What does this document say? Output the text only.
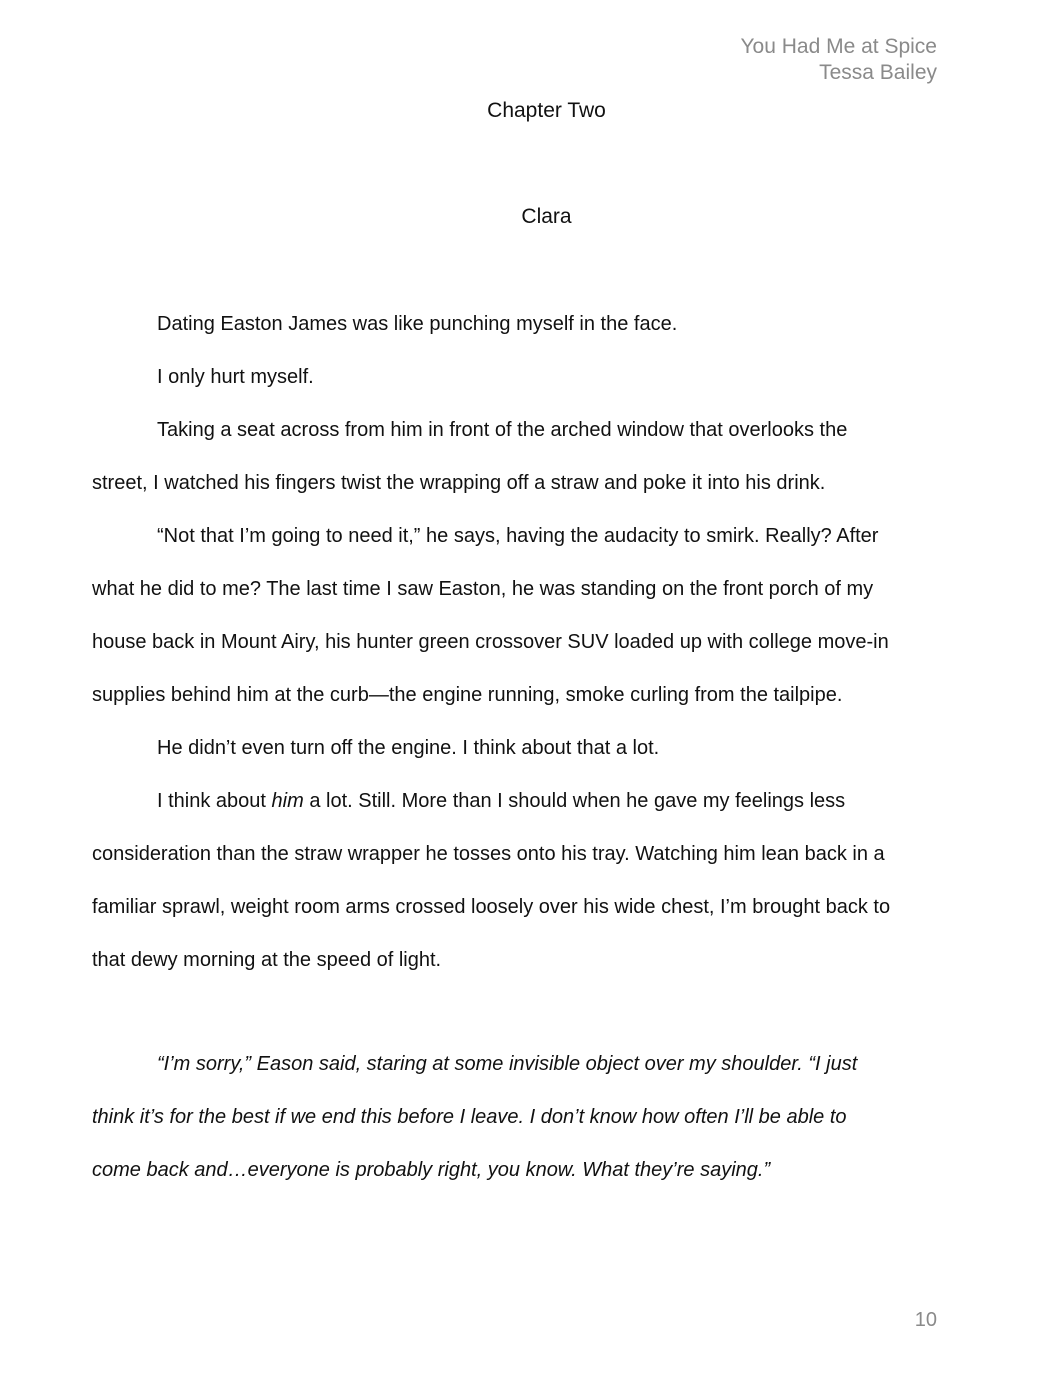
You Had Me at Spice
Tessa Bailey
Chapter Two
Clara
Dating Easton James was like punching myself in the face.
I only hurt myself.
Taking a seat across from him in front of the arched window that overlooks the
street, I watched his fingers twist the wrapping off a straw and poke it into his drink.
“Not that I’m going to need it,” he says, having the audacity to smirk. Really? After
what he did to me? The last time I saw Easton, he was standing on the front porch of my
house back in Mount Airy, his hunter green crossover SUV loaded up with college move-in
supplies behind him at the curb—the engine running, smoke curling from the tailpipe.
He didn’t even turn off the engine. I think about that a lot.
I think about him a lot. Still. More than I should when he gave my feelings less
consideration than the straw wrapper he tosses onto his tray. Watching him lean back in a
familiar sprawl, weight room arms crossed loosely over his wide chest, I’m brought back to
that dewy morning at the speed of light.
“I’m sorry,” Eason said, staring at some invisible object over my shoulder. “I just
think it’s for the best if we end this before I leave. I don’t know how often I’ll be able to
come back and…everyone is probably right, you know. What they’re saying.”
10
